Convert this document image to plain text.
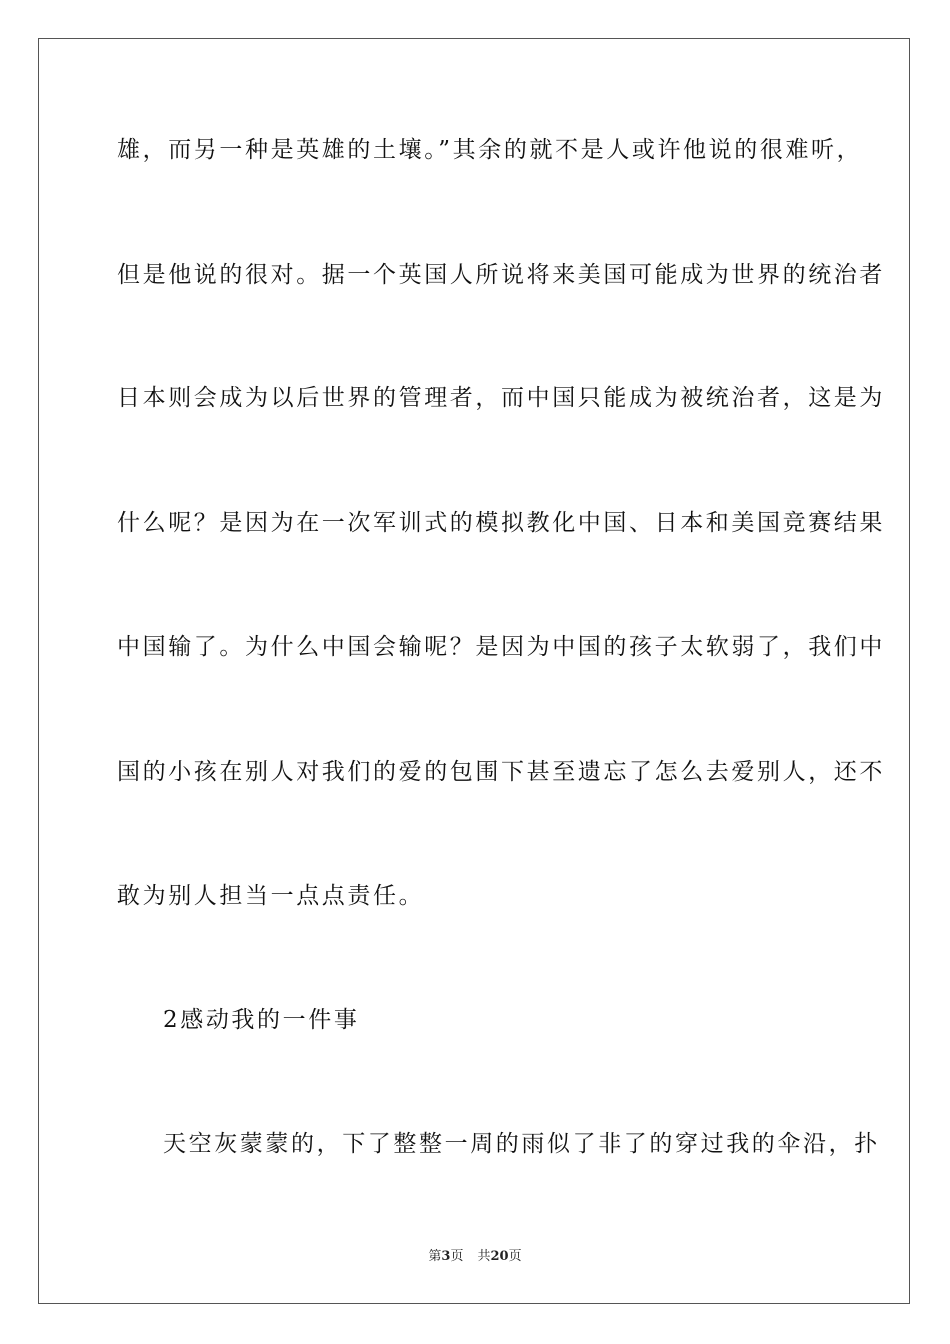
雄，而另一种是英雄的土壤。”其余的就不是人或许他说的很难听，
但是他说的很对。据一个英国人所说将来美国可能成为世界的统治者
日本则会成为以后世界的管理者，而中国只能成为被统治者，这是为
什么呢？是因为在一次军训式的模拟教化中国、日本和美国竞赛结果
中国输了。为什么中国会输呢？是因为中国的孩子太软弱了，我们中
国的小孩在别人对我们的爱的包围下甚至遗忘了怎么去爱别人，还不
敢为别人担当一点点责任。
2感动我的一件事
天空灰蒙蒙的，下了整整一周的雨似了非了的穿过我的伞沿，扑
第3页 共20页
